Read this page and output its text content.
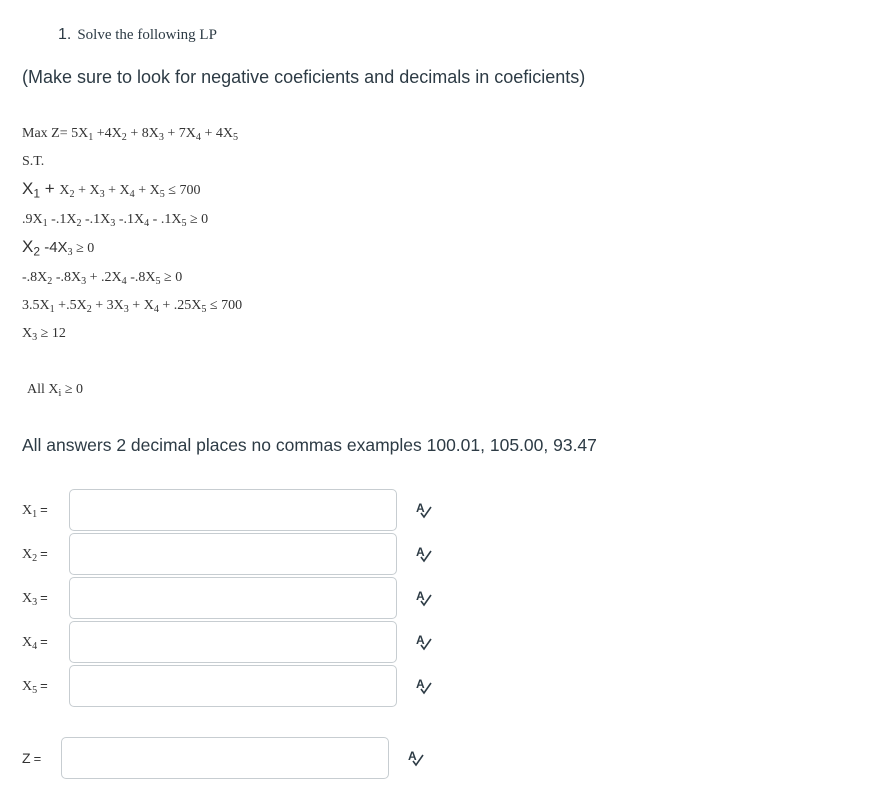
1. Solve the following LP
(Make sure to look for negative coeficients and decimals in coeficients)
Max $Z= 5X_1 +4X_2 + 8X_3 + 7X_4 + 4X_5$
S.T.
$X_1 + X_2 + X_3 + X_4 + X_5 \le 700$
$.9X_1$ $-.1X_2$ $-.1X_3$ $-.1X_4 - .1X_5 \ge 0$
$X_2$ $-4X_3 \ge 0$
$-.8X_2$ $-.8X_3 + .2X_4$ $-.8X_5 \ge 0$
$3.5X_1 +.5X_2 + 3X_3 + X_4 + .25X_5 \le 700$
$X_3 \ge 12$
All $X_i \ge 0$
All answers 2 decimal places no commas examples 100.01, 105.00, 93.47
$X_1$ =	A
$X_2$ =	A
$X_3$ =	A
$X_4$ =	A
$X_5$ =	A
Z =	A
